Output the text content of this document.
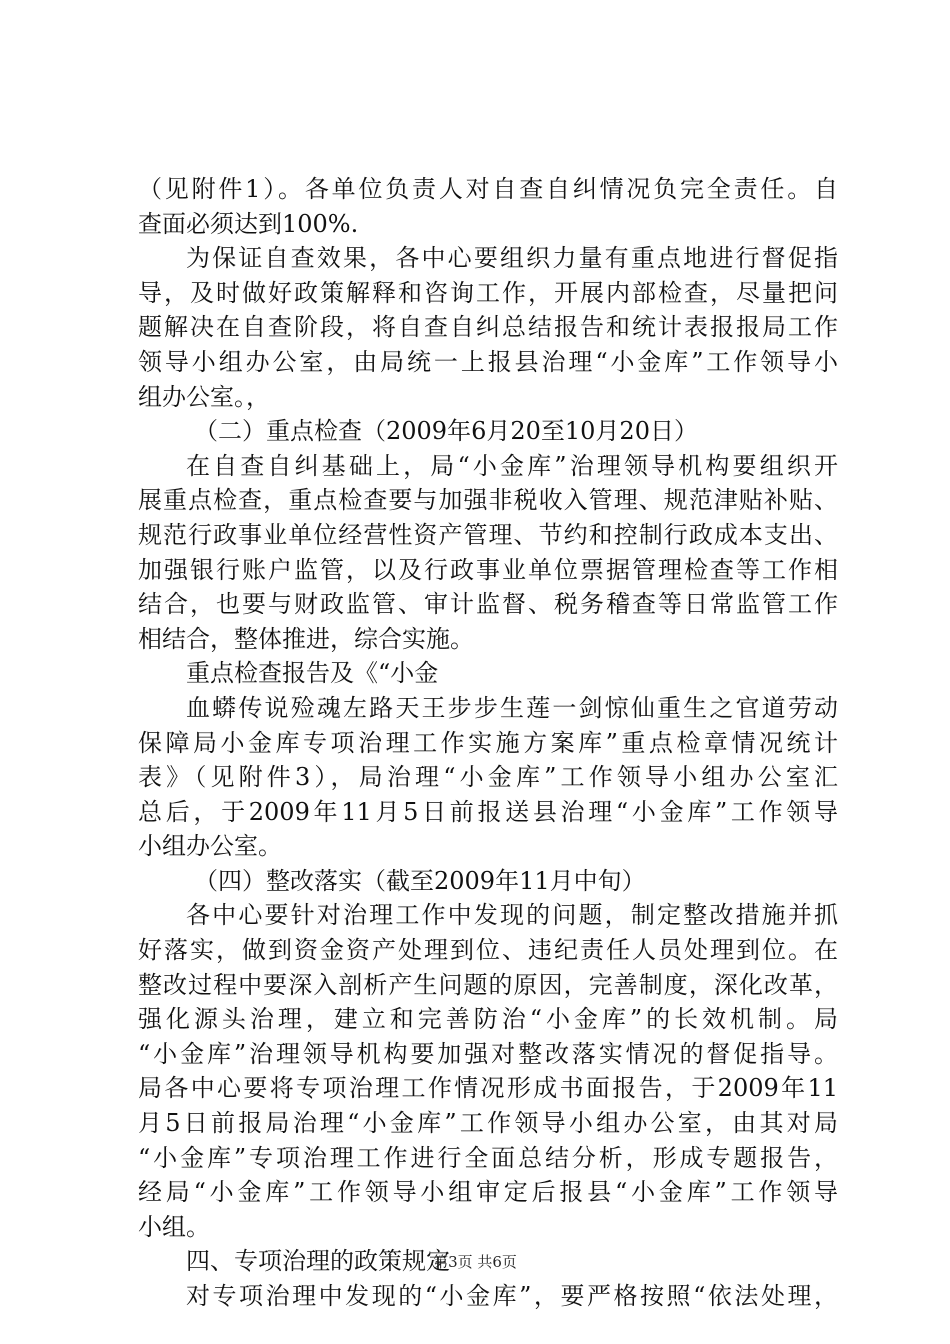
（见附件1）。各单位负责人对自查自纠情况负完全责任。自
查面必须达到100%.
为保证自查效果，各中心要组织力量有重点地进行督促指
导，及时做好政策解释和咨询工作，开展内部检查，尽量把问
题解决在自查阶段，将自查自纠总结报告和统计表报报局工作
领导小组办公室，由局统一上报县治理“小金库”工作领导小
组办公室。，
（二）重点检查（2009年6月20至10月20日）
在自查自纠基础上，局“小金库”治理领导机构要组织开
展重点检查，重点检查要与加强非税收入管理、规范津贴补贴、
规范行政事业单位经营性资产管理、节约和控制行政成本支出、
加强银行账户监管，以及行政事业单位票据管理检查等工作相
结合，也要与财政监管、审计监督、税务稽查等日常监管工作
相结合，整体推进，综合实施。
重点检查报告及《“小金
血蟒传说殓魂左路天王步步生莲一剑惊仙重生之官道劳动
保障局小金库专项治理工作实施方案库”重点检章情况统计
表》（见附件3），局治理“小金库”工作领导小组办公室汇
总后，于2009年11月5日前报送县治理“小金库”工作领导
小组办公室。
（四）整改落实（截至2009年11月中旬）
各中心要针对治理工作中发现的问题，制定整改措施并抓
好落实，做到资金资产处理到位、违纪责任人员处理到位。在
整改过程中要深入剖析产生问题的原因，完善制度，深化改革，
强化源头治理，建立和完善防治“小金库”的长效机制。局
“小金库”治理领导机构要加强对整改落实情况的督促指导。
局各中心要将专项治理工作情况形成书面报告，于2009年11
月5日前报局治理“小金库”工作领导小组办公室，由其对局
“小金库”专项治理工作进行全面总结分析，形成专题报告，
经局“小金库”工作领导小组审定后报县“小金库”工作领导
小组。
四、专项治理的政策规定
对专项治理中发现的“小金库”，要严格按照“依法处理，
第3页 共6页
